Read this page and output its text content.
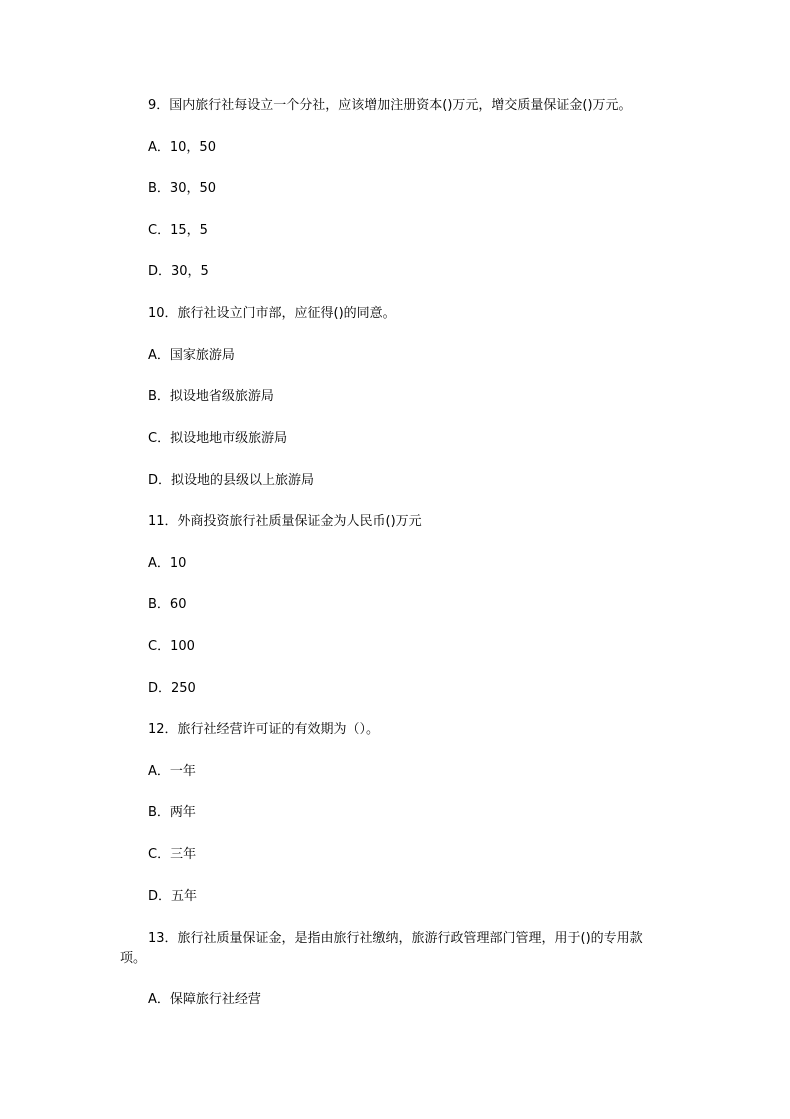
9．国内旅行社每设立一个分社，应该增加注册资本()万元，增交质量保证金()万元。
A．10，50
B．30，50
C．15，5
D．30，5
10．旅行社设立门市部，应征得()的同意。
A．国家旅游局
B．拟设地省级旅游局
C．拟设地地市级旅游局
D．拟设地的县级以上旅游局
11．外商投资旅行社质量保证金为人民币()万元
A．10
B．60
C．100
D．250
12．旅行社经营许可证的有效期为（）。
A．一年
B．两年
C．三年
D．五年
13．旅行社质量保证金，是指由旅行社缴纳，旅游行政管理部门管理，用于()的专用款项。
A．保障旅行社经营
